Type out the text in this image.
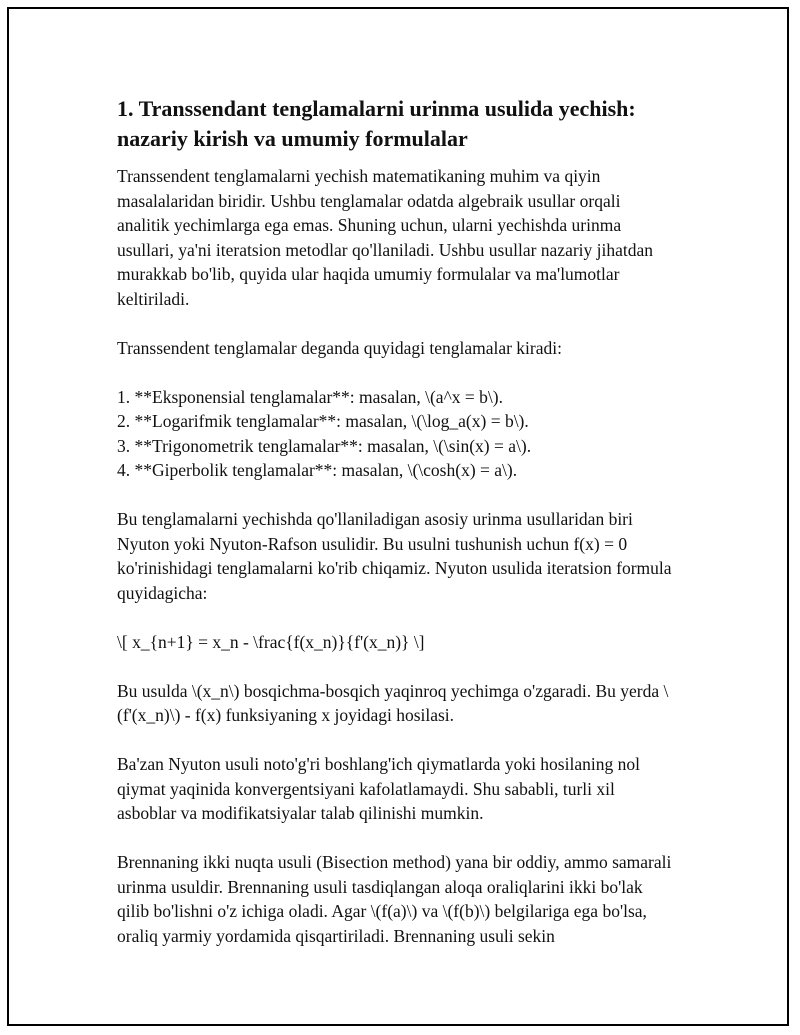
1. Transsendant tenglamalarni urinma usulida yechish:
nazariy kirish va umumiy formulalar

Transsendent tenglamalarni yechish matematikaning muhim va qiyin masalalaridan biridir. Ushbu tenglamalar odatda algebraik usullar orqali analitik yechimlarga ega emas. Shuning uchun, ularni yechishda urinma usullari, ya'ni iteratsion metodlar qo'llaniladi. Ushbu usullar nazariy jihatdan murakkab bo'lib, quyida ular haqida umumiy formulalar va ma'lumotlar keltiriladi.

Transsendent tenglamalar deganda quyidagi tenglamalar kiradi:

1. **Eksponensial tenglamalar**: masalan, \(a^x = b\).
2. **Logarifmik tenglamalar**: masalan, \(\log_a(x) = b\).
3. **Trigonometrik tenglamalar**: masalan, \(\sin(x) = a\).
4. **Giperbolik tenglamalar**: masalan, \(\cosh(x) = a\).

Bu tenglamalarni yechishda qo'llaniladigan asosiy urinma usullaridan biri Nyuton yoki Nyuton-Rafson usulidir. Bu usulni tushunish uchun f(x) = 0 ko'rinishidagi tenglamalarni ko'rib chiqamiz. Nyuton usulida iteratsion formula quyidagicha:

\[ x_{n+1} = x_n - \frac{f(x_n)}{f'(x_n)} \]

Bu usulda \(x_n\) bosqichma-bosqich yaqinroq yechimga o'zgaradi. Bu yerda \(f'(x_n)\) - f(x) funksiyaning x joyidagi hosilasi.

Ba'zan Nyuton usuli noto'g'ri boshlang'ich qiymatlarda yoki hosilaning nol qiymat yaqinida konvergentsiyani kafolatlamaydi. Shu sababli, turli xil asboblar va modifikatsiyalar talab qilinishi mumkin.

Brennaning ikki nuqta usuli (Bisection method) yana bir oddiy, ammo samarali urinma usuldir. Brennaning usuli tasdiqlangan aloqa oraliqlarini ikki bo'lak qilib bo'lishni o'z ichiga oladi. Agar \(f(a)\) va \(f(b)\) belgilariga ega bo'lsa, oraliq yarmiy yordamida qisqartiriladi. Brennaning usuli sekin
